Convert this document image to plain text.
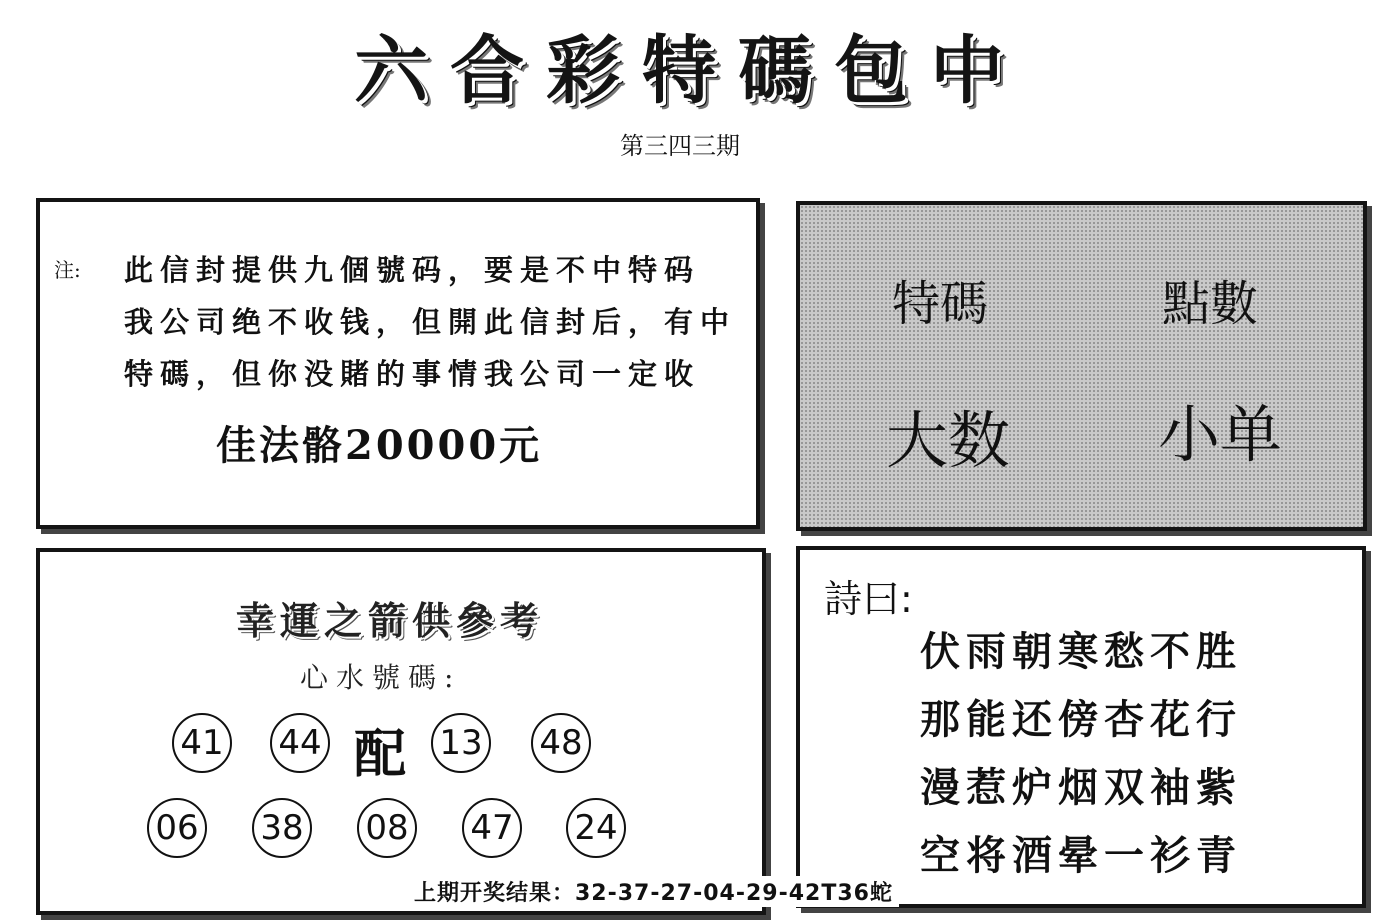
六合彩特碼包中
第三四三期
注: 此信封提供九個號码，要是不中特码
我公司绝不收钱，但開此信封后，有中
特碼，但你没賭的事情我公司一定收
佳法骼20000元
特碼	點數
大数 小单
幸運之箭供參考
心水號碼:
41 44 配 13 48
06 38 08 47 24
詩曰:
伏雨朝寒愁不胜
那能还傍杏花行
漫惹炉烟双袖紫
空将酒晕一衫青
上期开奖结果：32-37-27-04-29-42T36蛇
